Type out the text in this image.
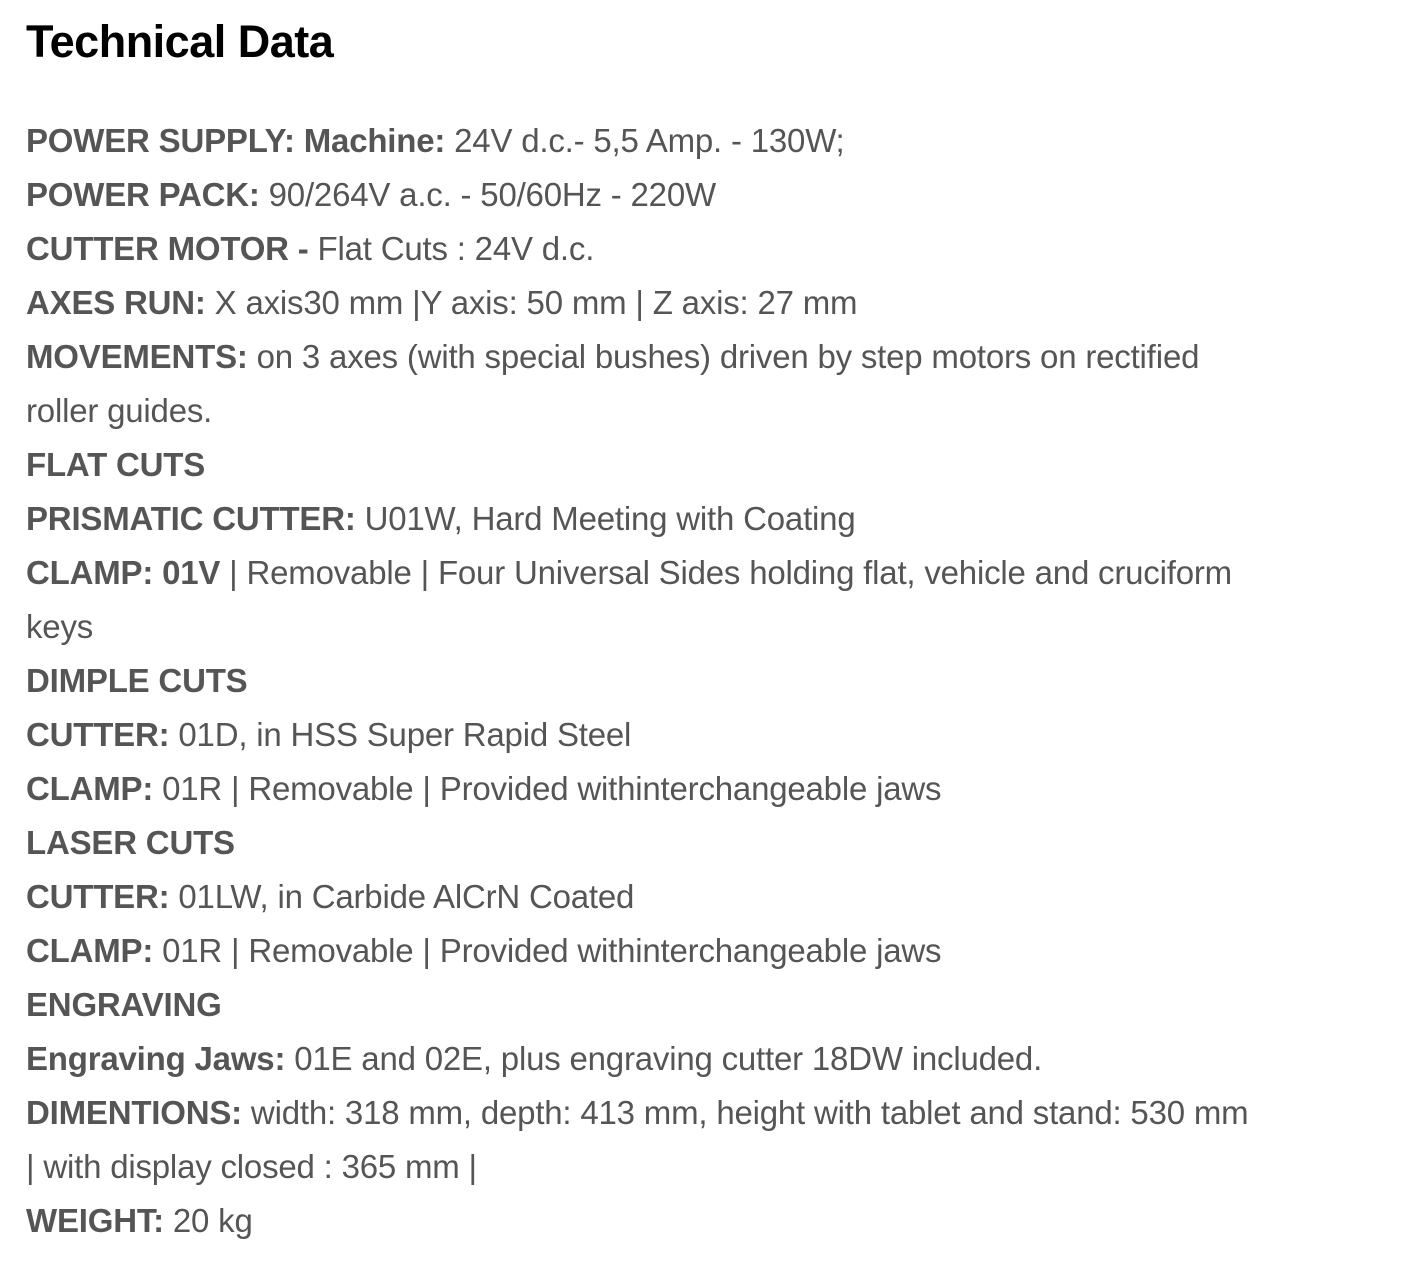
Technical Data
POWER SUPPLY: Machine: 24V d.c.- 5,5 Amp. - 130W;
POWER PACK: 90/264V a.c. - 50/60Hz - 220W
CUTTER MOTOR - Flat Cuts : 24V d.c.
AXES RUN: X axis30 mm |Y axis: 50 mm | Z axis: 27 mm
MOVEMENTS: on 3 axes (with special bushes) driven by step motors on rectiﬁed
roller guides.
FLAT CUTS
PRISMATIC CUTTER: U01W, Hard Meeting with Coating
CLAMP: 01V | Removable | Four Universal Sides holding flat, vehicle and cruciform
keys
DIMPLE CUTS
CUTTER: 01D, in HSS Super Rapid Steel
CLAMP: 01R | Removable | Provided withinterchangeable jaws
LASER CUTS
CUTTER: 01LW, in Carbide AlCrN Coated
CLAMP: 01R | Removable | Provided withinterchangeable jaws
ENGRAVING
Engraving Jaws: 01E and 02E, plus engraving cutter 18DW included.
DIMENTIONS: width: 318 mm, depth: 413 mm, height with tablet and stand: 530 mm
| with display closed : 365 mm |
WEIGHT: 20 kg
